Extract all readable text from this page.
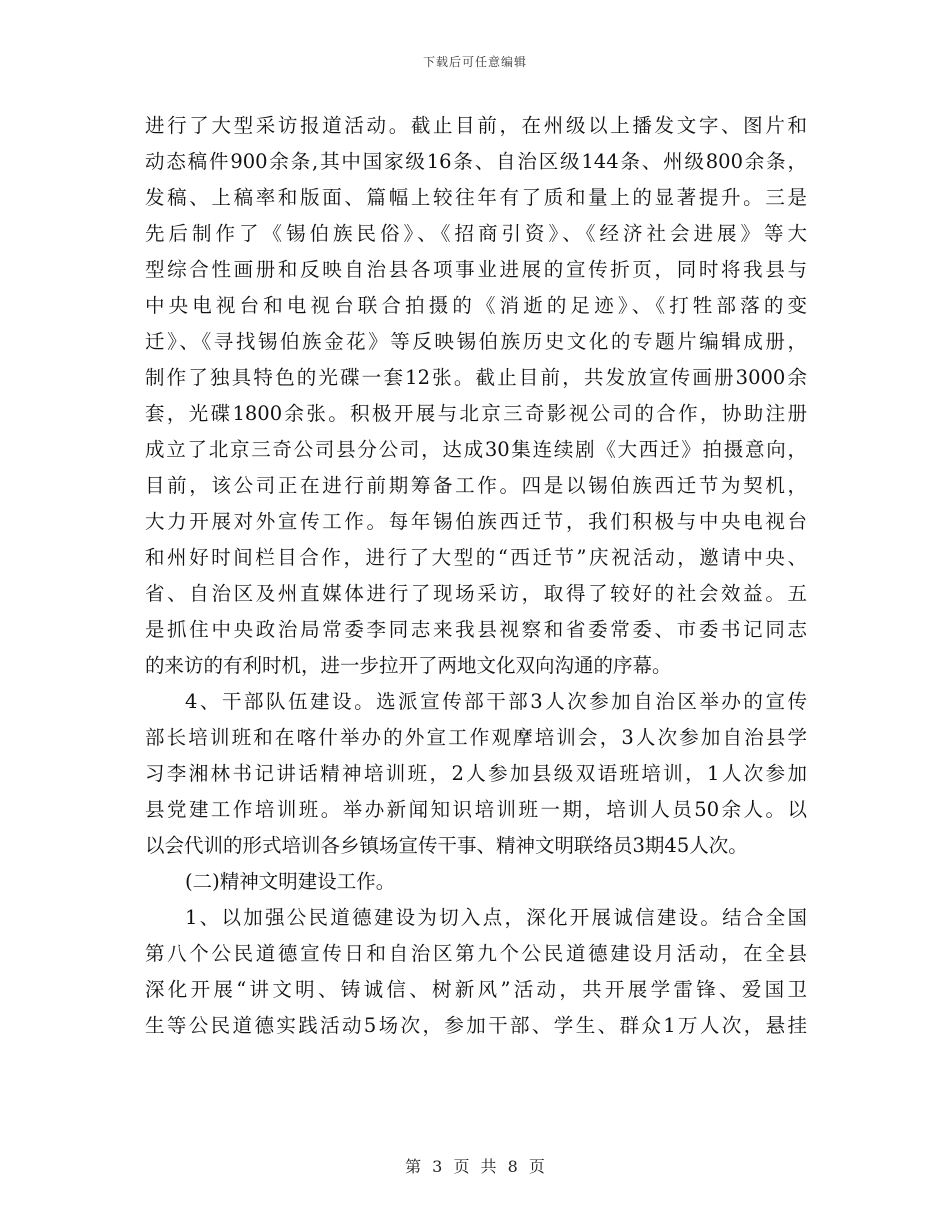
下载后可任意编辑
进行了大型采访报道活动。截止目前，在州级以上播发文字、图片和
动态稿件900余条,其中国家级16条、自治区级144条、州级800余条，
发稿、上稿率和版面、篇幅上较往年有了质和量上的显著提升。三是
先后制作了《锡伯族民俗》、《招商引资》、《经济社会进展》等大
型综合性画册和反映自治县各项事业进展的宣传折页，同时将我县与
中央电视台和电视台联合拍摄的《消逝的足迹》、《打牲部落的变
迁》、《寻找锡伯族金花》等反映锡伯族历史文化的专题片编辑成册，
制作了独具特色的光碟一套12张。截止目前，共发放宣传画册3000余
套，光碟1800余张。积极开展与北京三奇影视公司的合作，协助注册
成立了北京三奇公司县分公司，达成30集连续剧《大西迁》拍摄意向，
目前，该公司正在进行前期筹备工作。四是以锡伯族西迁节为契机，
大力开展对外宣传工作。每年锡伯族西迁节，我们积极与中央电视台
和州好时间栏目合作，进行了大型的“西迁节”庆祝活动，邀请中央、
省、自治区及州直媒体进行了现场采访，取得了较好的社会效益。五
是抓住中央政治局常委李同志来我县视察和省委常委、市委书记同志
的来访的有利时机，进一步拉开了两地文化双向沟通的序幕。
4、干部队伍建设。选派宣传部干部3人次参加自治区举办的宣传
部长培训班和在喀什举办的外宣工作观摩培训会，3人次参加自治县学
习李湘林书记讲话精神培训班，2人参加县级双语班培训，1人次参加
县党建工作培训班。举办新闻知识培训班一期，培训人员50余人。以
以会代训的形式培训各乡镇场宣传干事、精神文明联络员3期45人次。
(二)精神文明建设工作。
1、以加强公民道德建设为切入点，深化开展诚信建设。结合全国
第八个公民道德宣传日和自治区第九个公民道德建设月活动，在全县
深化开展“讲文明、铸诚信、树新风”活动，共开展学雷锋、爱国卫
生等公民道德实践活动5场次，参加干部、学生、群众1万人次，悬挂
第 3 页 共 8 页
